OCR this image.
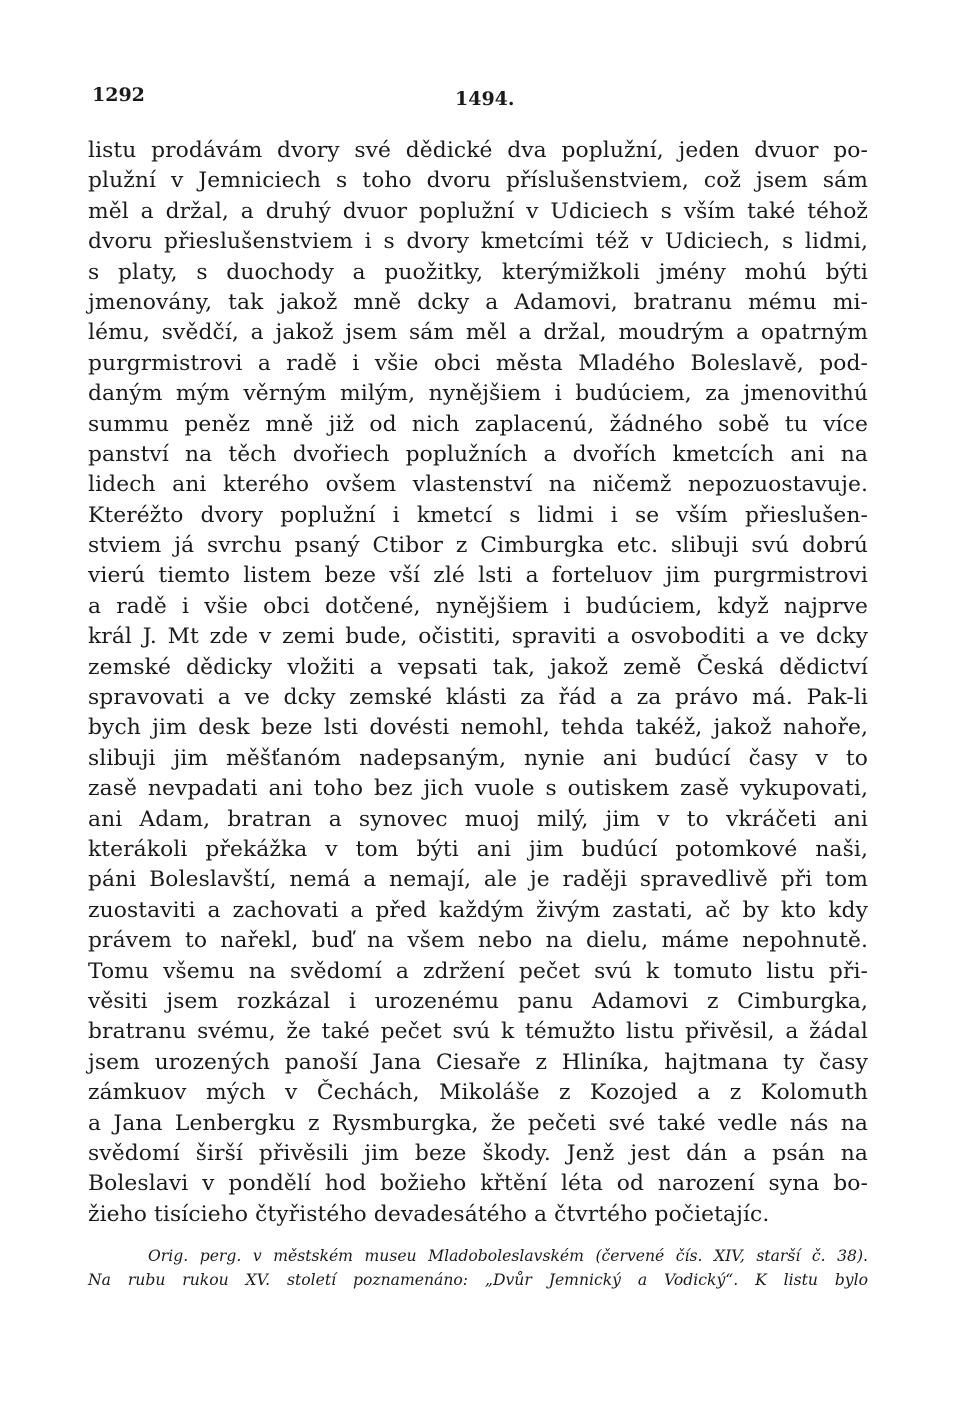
1292	1494.
listu prodávám dvory své dědické dva poplužní, jeden dvuor po-
plužní v Jemniciech s toho dvoru příslušenstviem, což jsem sám
měl a držal, a druhý dvuor poplužní v Udiciech s vším také téhož
dvoru přieslušenstviem i s dvory kmetcími též v Udiciech, s lidmi,
s platy, s duochody a puožitky, kterýmižkoli jmény mohú býti
jmenovány, tak jakož mně dcky a Adamovi, bratranu mému mi-
lému, svědčí, a jakož jsem sám měl a držal, moudrým a opatrným
purgrmistrovi a radě i všie obci města Mladého Boleslavě, pod-
daným mým věrným milým, nynějšiem i budúciem, za jmenovithú
summu peněz mně již od nich zaplacenú, žádného sobě tu více
panství na těch dvořiech poplužních a dvořích kmetcích ani na
lidech ani kterého ovšem vlastenství na ničemž nepozuostavuje.
Kteréžto dvory poplužní i kmetcí s lidmi i se vším přieslušen-
stviem já svrchu psaný Ctibor z Cimburgka etc. slibuji svú dobrú
vierú tiemto listem beze vší zlé lsti a forteluov jim purgrmistrovi
a radě i všie obci dotčené, nynějšiem i budúciem, když najprve
král J. Mt zde v zemi bude, očistiti, spraviti a osvoboditi a ve dcky
zemské dědicky vložiti a vepsati tak, jakož země Česká dědictví
spravovati a ve dcky zemské klásti za řád a za právo má. Pak-li
bych jim desk beze lsti dovésti nemohl, tehda takéž, jakož nahoře,
slibuji jim měšťanóm nadepsaným, nynie ani budúcí časy v to
zasě nevpadati ani toho bez jich vuole s outiskem zasě vykupovati,
ani Adam, bratran a synovec muoj milý, jim v to vkráčeti ani
kterákoli překážka v tom býti ani jim budúcí potomkové naši,
páni Boleslavští, nemá a nemají, ale je raději spravedlivě při tom
zuostaviti a zachovati a před každým živým zastati, ač by kto kdy
právem to nařekl, buď na všem nebo na dielu, máme nepohnutě.
Tomu všemu na svědomí a zdržení pečet svú k tomuto listu při-
věsiti jsem rozkázal i urozenému panu Adamovi z Cimburgka,
bratranu svému, že také pečet svú k témužto listu přivěsil, a žádal
jsem urozených panoší Jana Ciesaře z Hliníka, hajtmana ty časy
zámkuov mých v Čechách, Mikoláše z Kozojed a z Kolomuth
a Jana Lenbergku z Rysmburgka, že pečeti své také vedle nás na
svědomí širší přivěsili jim beze škody. Jenž jest dán a psán na
Boleslavi v pondělí hod božieho křtění léta od narození syna bo-
žieho tisícieho čtyřistého devadesátého a čtvrtého počietajíc.
Orig. perg. v městském museu Mladoboleslavském (červené čís. XIV, starší č. 38).
Na rubu rukou XV. století poznamenáno: „Dvůr Jemnický a Vodický“. K listu bylo
